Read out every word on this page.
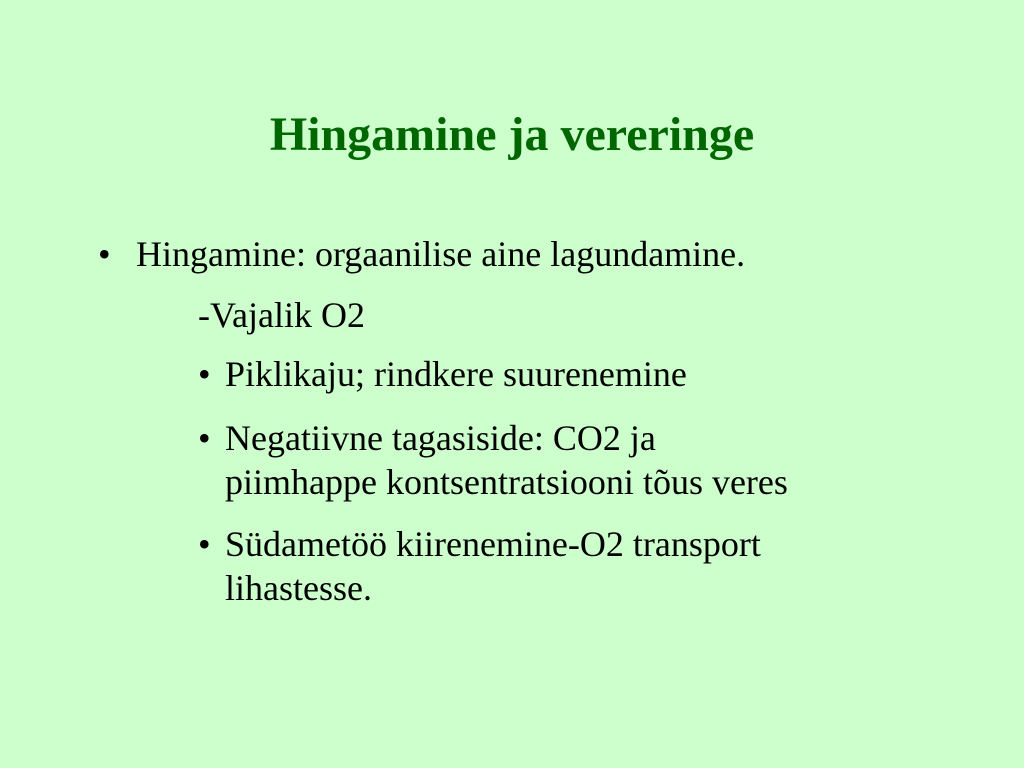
Hingamine ja vereringe
• Hingamine: orgaanilise aine lagundamine.
-Vajalik O2
• Piklikaju; rindkere suurenemine
• Negatiivne tagasiside: CO2 ja
piimhappe kontsentratsiooni tõus veres
• Südametöö kiirenemine-O2 transport
lihastesse.
